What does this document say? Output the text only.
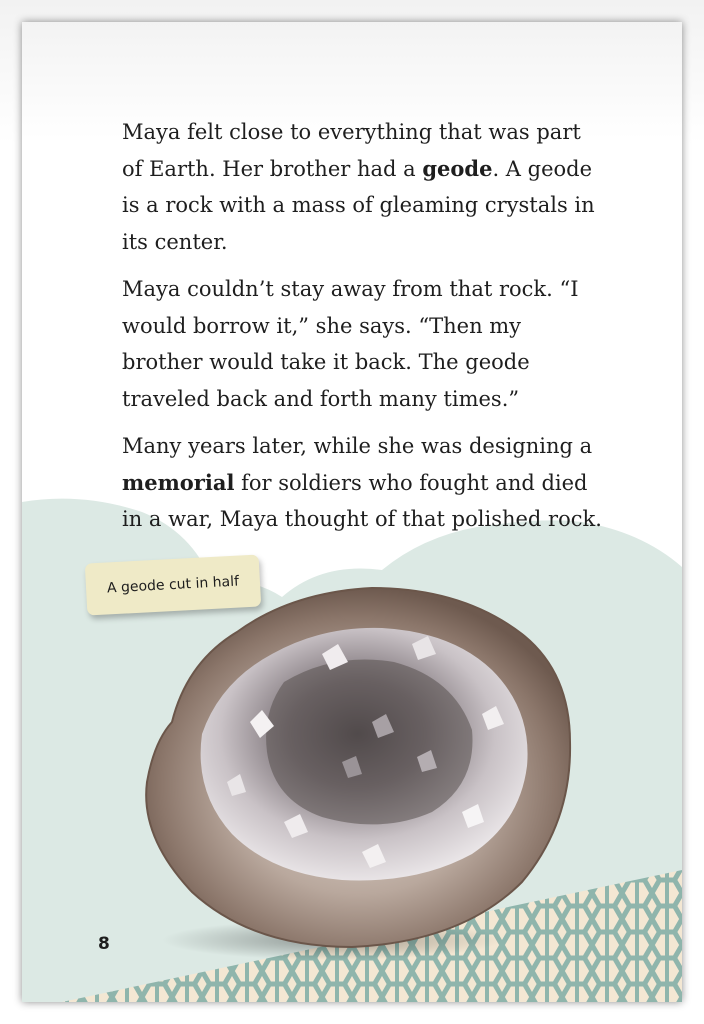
Maya felt close to everything that was part of Earth. Her brother had a geode. A geode is a rock with a mass of gleaming crystals in its center.

Maya couldn’t stay away from that rock. “I would borrow it,” she says. “Then my brother would take it back. The geode traveled back and forth many times.”

Many years later, while she was designing a memorial for soldiers who fought and died in a war, Maya thought of that polished rock.

A geode cut in half
8
